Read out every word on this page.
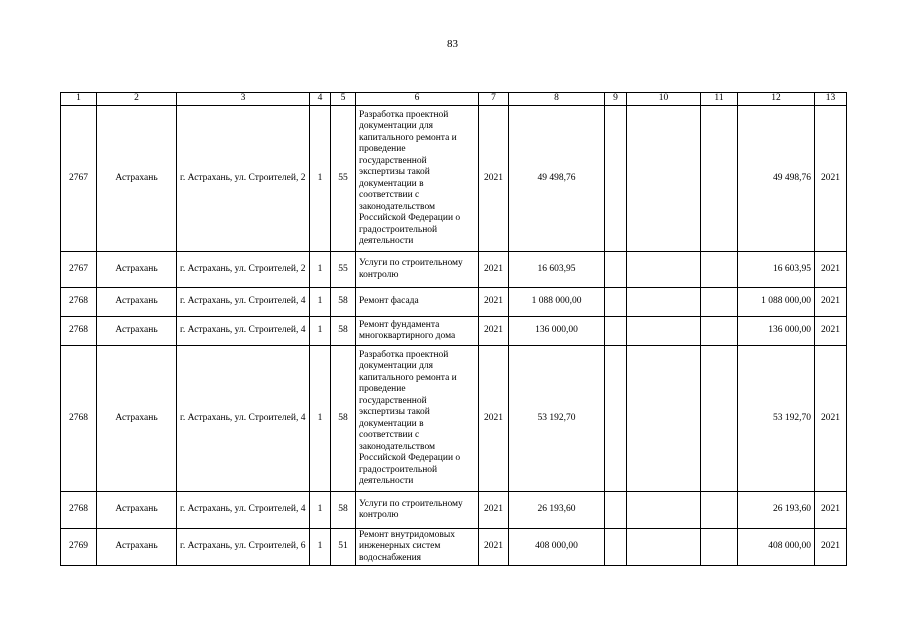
83
1	2	3	4	5	6	7	8	9	10	11	12	13
2767	Астрахань	г. Астрахань, ул. Строителей, 2	1	55	Разработка проектной документации для капитального ремонта и проведение государственной экспертизы такой документации в соответствии с законодательством Российской Федерации о градостроительной деятельности	2021	49 498,76				49 498,76	2021
2767	Астрахань	г. Астрахань, ул. Строителей, 2	1	55	Услуги по строительному контролю	2021	16 603,95				16 603,95	2021
2768	Астрахань	г. Астрахань, ул. Строителей, 4	1	58	Ремонт фасада	2021	1 088 000,00				1 088 000,00	2021
2768	Астрахань	г. Астрахань, ул. Строителей, 4	1	58	Ремонт фундамента многоквартирного дома	2021	136 000,00				136 000,00	2021
2768	Астрахань	г. Астрахань, ул. Строителей, 4	1	58	Разработка проектной документации для капитального ремонта и проведение государственной экспертизы такой документации в соответствии с законодательством Российской Федерации о градостроительной деятельности	2021	53 192,70				53 192,70	2021
2768	Астрахань	г. Астрахань, ул. Строителей, 4	1	58	Услуги по строительному контролю	2021	26 193,60				26 193,60	2021
2769	Астрахань	г. Астрахань, ул. Строителей, 6	1	51	Ремонт внутридомовых инженерных систем водоснабжения	2021	408 000,00				408 000,00	2021
